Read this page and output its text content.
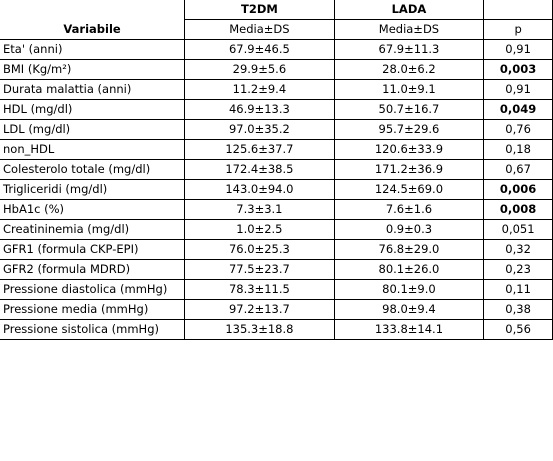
	T2DM	LADA	
Variabile	Media±DS	Media±DS	p
Eta' (anni)	67.9±46.5	67.9±11.3	0,91
BMI (Kg/m²)	29.9±5.6	28.0±6.2	0,003
Durata malattia (anni)	11.2±9.4	11.0±9.1	0,91
HDL (mg/dl)	46.9±13.3	50.7±16.7	0,049
LDL (mg/dl)	97.0±35.2	95.7±29.6	0,76
non_HDL	125.6±37.7	120.6±33.9	0,18
Colesterolo totale (mg/dl)	172.4±38.5	171.2±36.9	0,67
Trigliceridi (mg/dl)	143.0±94.0	124.5±69.0	0,006
HbA1c (%)	7.3±3.1	7.6±1.6	0,008
Creatininemia (mg/dl)	1.0±2.5	0.9±0.3	0,051
GFR1 (formula CKP-EPI)	76.0±25.3	76.8±29.0	0,32
GFR2 (formula MDRD)	77.5±23.7	80.1±26.0	0,23
Pressione diastolica (mmHg)	78.3±11.5	80.1±9.0	0,11
Pressione media (mmHg)	97.2±13.7	98.0±9.4	0,38
Pressione sistolica (mmHg)	135.3±18.8	133.8±14.1	0,56
